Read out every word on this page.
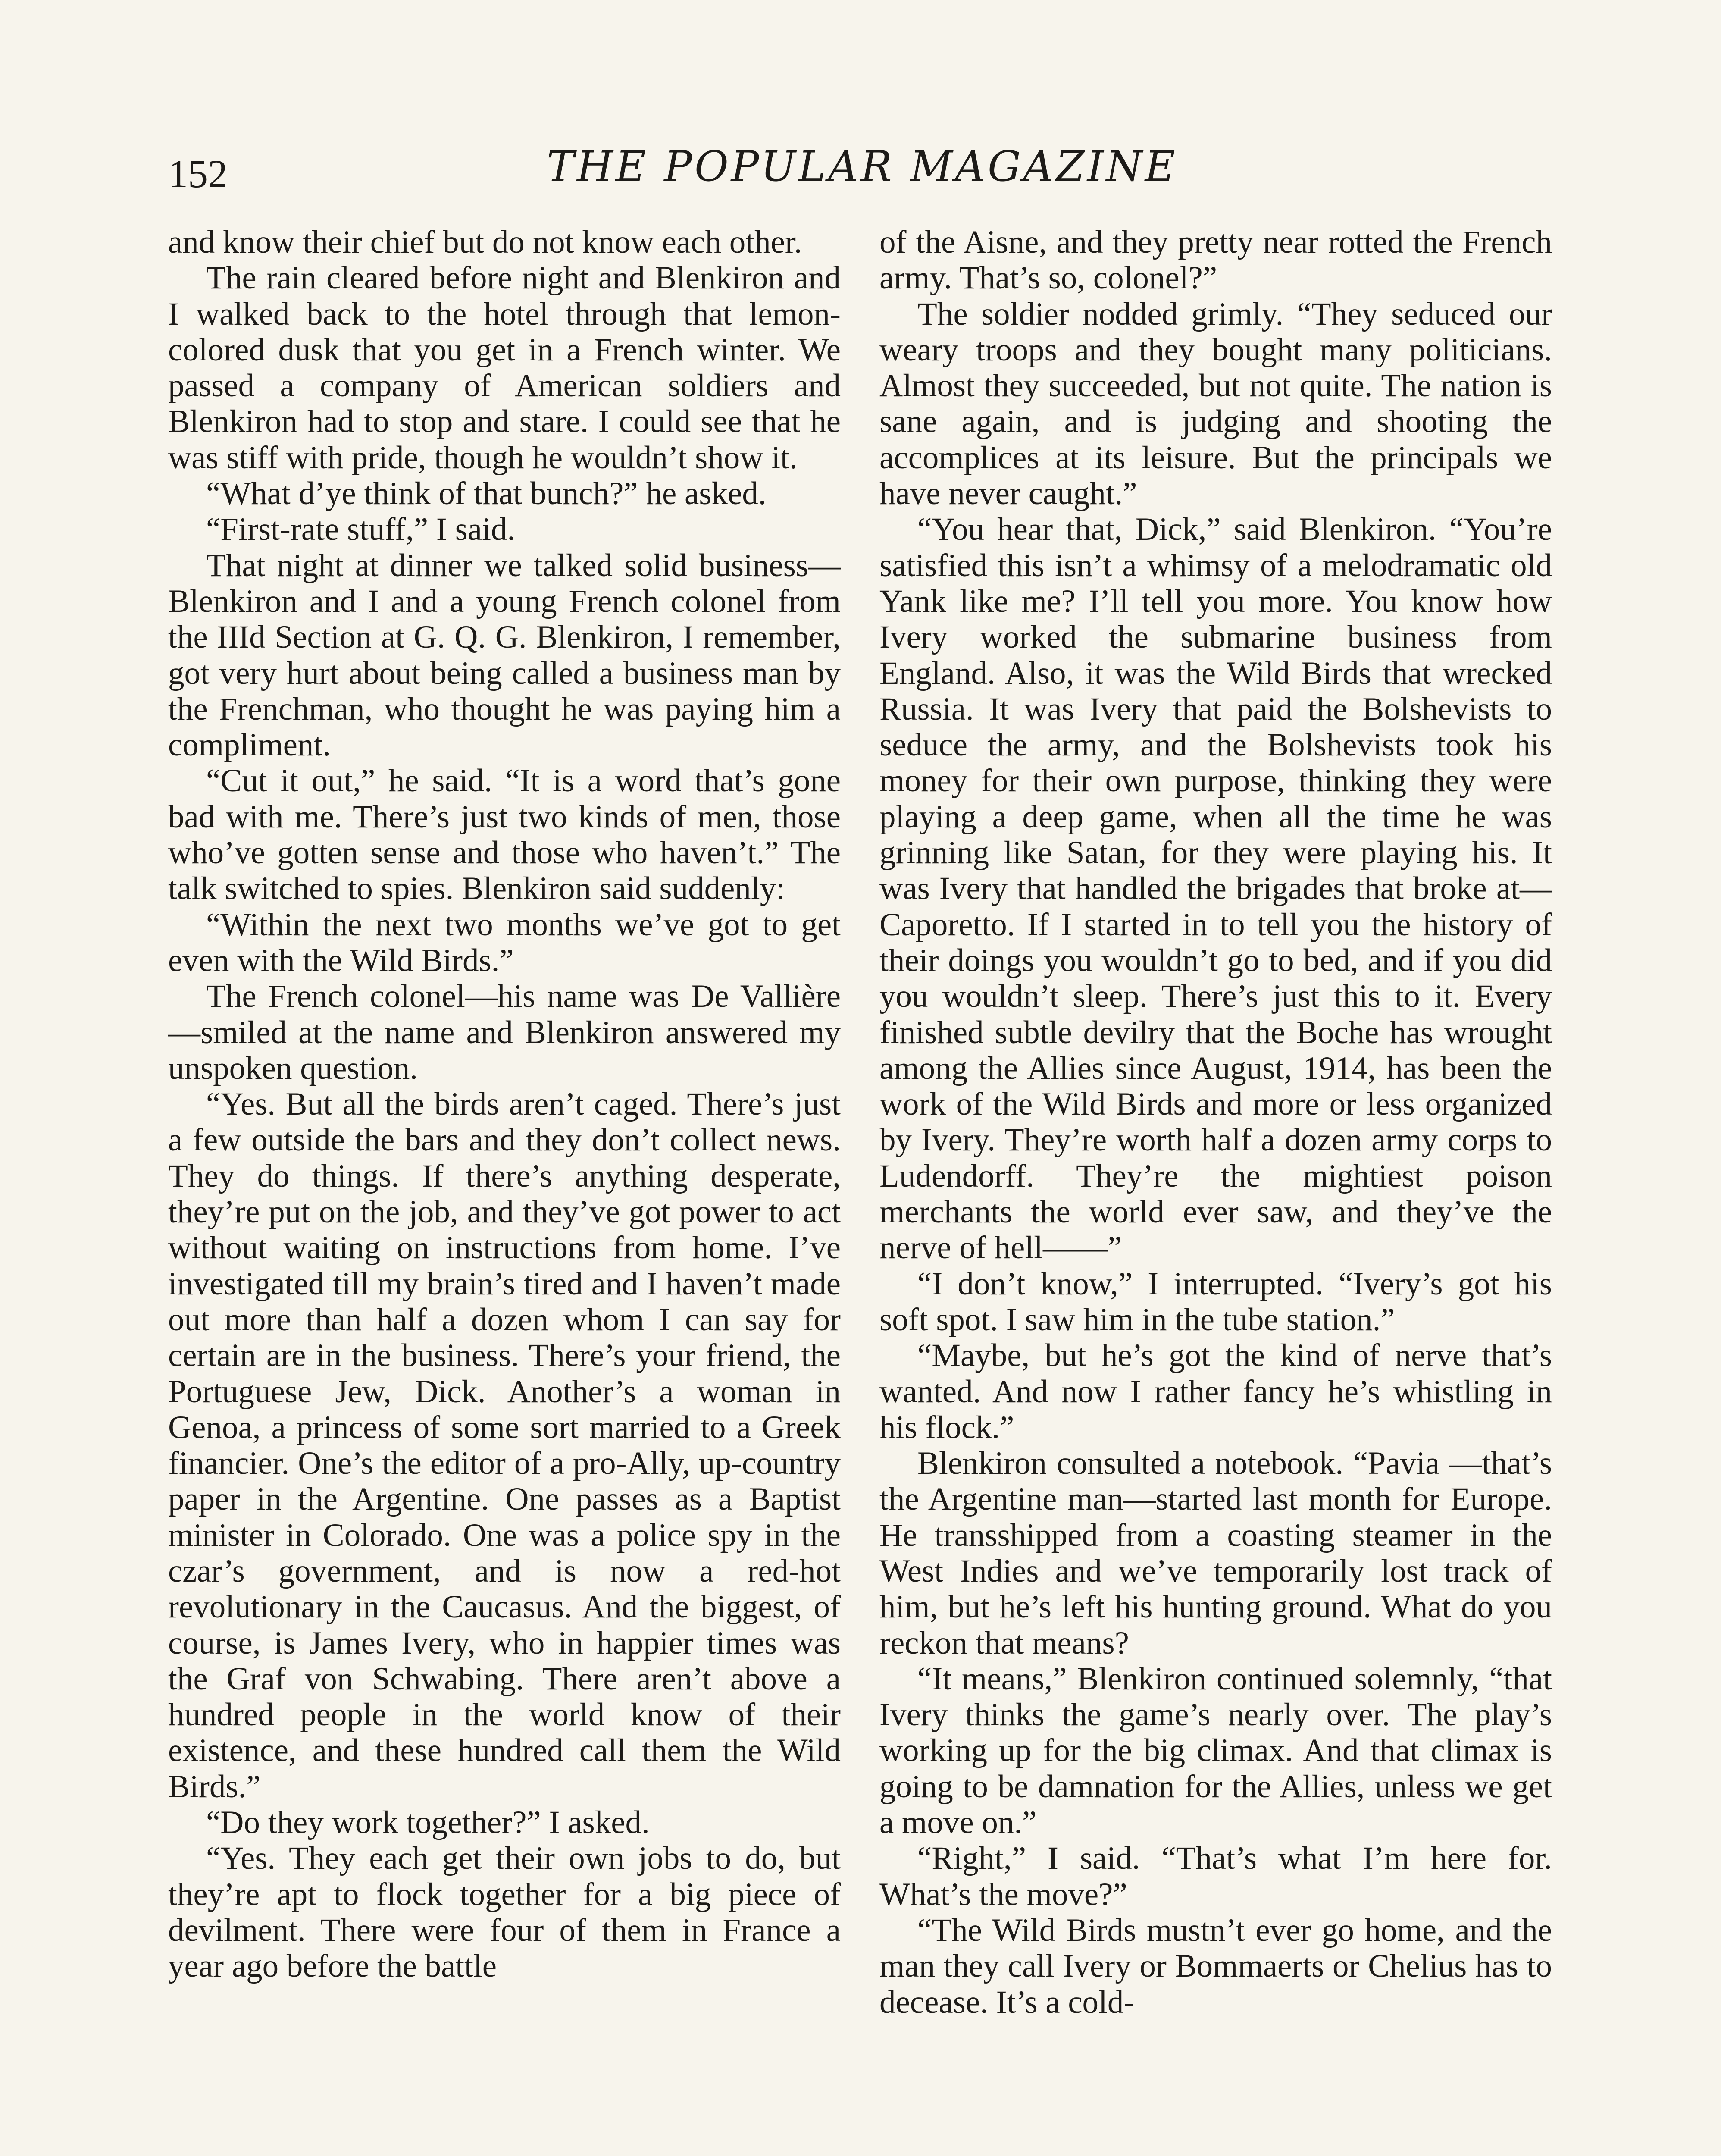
152	THE POPULAR MAGAZINE

and know their chief but do not know each other.

The rain cleared before night and Blenkiron and I walked back to the hotel through that lemon-colored dusk that you get in a French winter. We passed a company of American soldiers and Blenkiron had to stop and stare. I could see that he was stiff with pride, though he wouldn’t show it.

“What d’ye think of that bunch?” he asked.

“First-rate stuff,” I said.

That night at dinner we talked solid business—Blenkiron and I and a young French colonel from the IIId Section at G. Q. G. Blenkiron, I remember, got very hurt about being called a business man by the Frenchman, who thought he was paying him a compliment.

“Cut it out,” he said. “It is a word that’s gone bad with me. There’s just two kinds of men, those who’ve gotten sense and those who haven’t.” The talk switched to spies. Blenkiron said suddenly:

“Within the next two months we’ve got to get even with the Wild Birds.”

The French colonel—his name was De Vallière—smiled at the name and Blenkiron answered my unspoken question.

“Yes. But all the birds aren’t caged. There’s just a few outside the bars and they don’t collect news. They do things. If there’s anything desperate, they’re put on the job, and they’ve got power to act without waiting on instructions from home. I’ve investigated till my brain’s tired and I haven’t made out more than half a dozen whom I can say for certain are in the business. There’s your friend, the Portuguese Jew, Dick. Another’s a woman in Genoa, a princess of some sort married to a Greek financier. One’s the editor of a pro-Ally, up-country paper in the Argentine. One passes as a Baptist minister in Colorado. One was a police spy in the czar’s government, and is now a red-hot revolutionary in the Caucasus. And the biggest, of course, is James Ivery, who in happier times was the Graf von Schwabing. There aren’t above a hundred people in the world know of their existence, and these hundred call them the Wild Birds.”

“Do they work together?” I asked.

“Yes. They each get their own jobs to do, but they’re apt to flock together for a big piece of devilment. There were four of them in France a year ago before the battle

of the Aisne, and they pretty near rotted the French army. That’s so, colonel?”

The soldier nodded grimly. “They seduced our weary troops and they bought many politicians. Almost they succeeded, but not quite. The nation is sane again, and is judging and shooting the accomplices at its leisure. But the principals we have never caught.”

“You hear that, Dick,” said Blenkiron. “You’re satisfied this isn’t a whimsy of a melodramatic old Yank like me? I’ll tell you more. You know how Ivery worked the submarine business from England. Also, it was the Wild Birds that wrecked Russia. It was Ivery that paid the Bolshevists to seduce the army, and the Bolshevists took his money for their own purpose, thinking they were playing a deep game, when all the time he was grinning like Satan, for they were playing his. It was Ivery that handled the brigades that broke at—Caporetto. If I started in to tell you the history of their doings you wouldn’t go to bed, and if you did you wouldn’t sleep. There’s just this to it. Every finished subtle devilry that the Boche has wrought among the Allies since August, 1914, has been the work of the Wild Birds and more or less organized by Ivery. They’re worth half a dozen army corps to Ludendorff. They’re the mightiest poison merchants the world ever saw, and they’ve the nerve of hell——”

“I don’t know,” I interrupted. “Ivery’s got his soft spot. I saw him in the tube station.”

“Maybe, but he’s got the kind of nerve that’s wanted. And now I rather fancy he’s whistling in his flock.”

Blenkiron consulted a notebook. “Pavia —that’s the Argentine man—started last month for Europe. He transshipped from a coasting steamer in the West Indies and we’ve temporarily lost track of him, but he’s left his hunting ground. What do you reckon that means?

“It means,” Blenkiron continued solemnly, “that Ivery thinks the game’s nearly over. The play’s working up for the big climax. And that climax is going to be damnation for the Allies, unless we get a move on.”

“Right,” I said. “That’s what I’m here for. What’s the move?”

“The Wild Birds mustn’t ever go home, and the man they call Ivery or Bommaerts or Chelius has to decease. It’s a cold-
